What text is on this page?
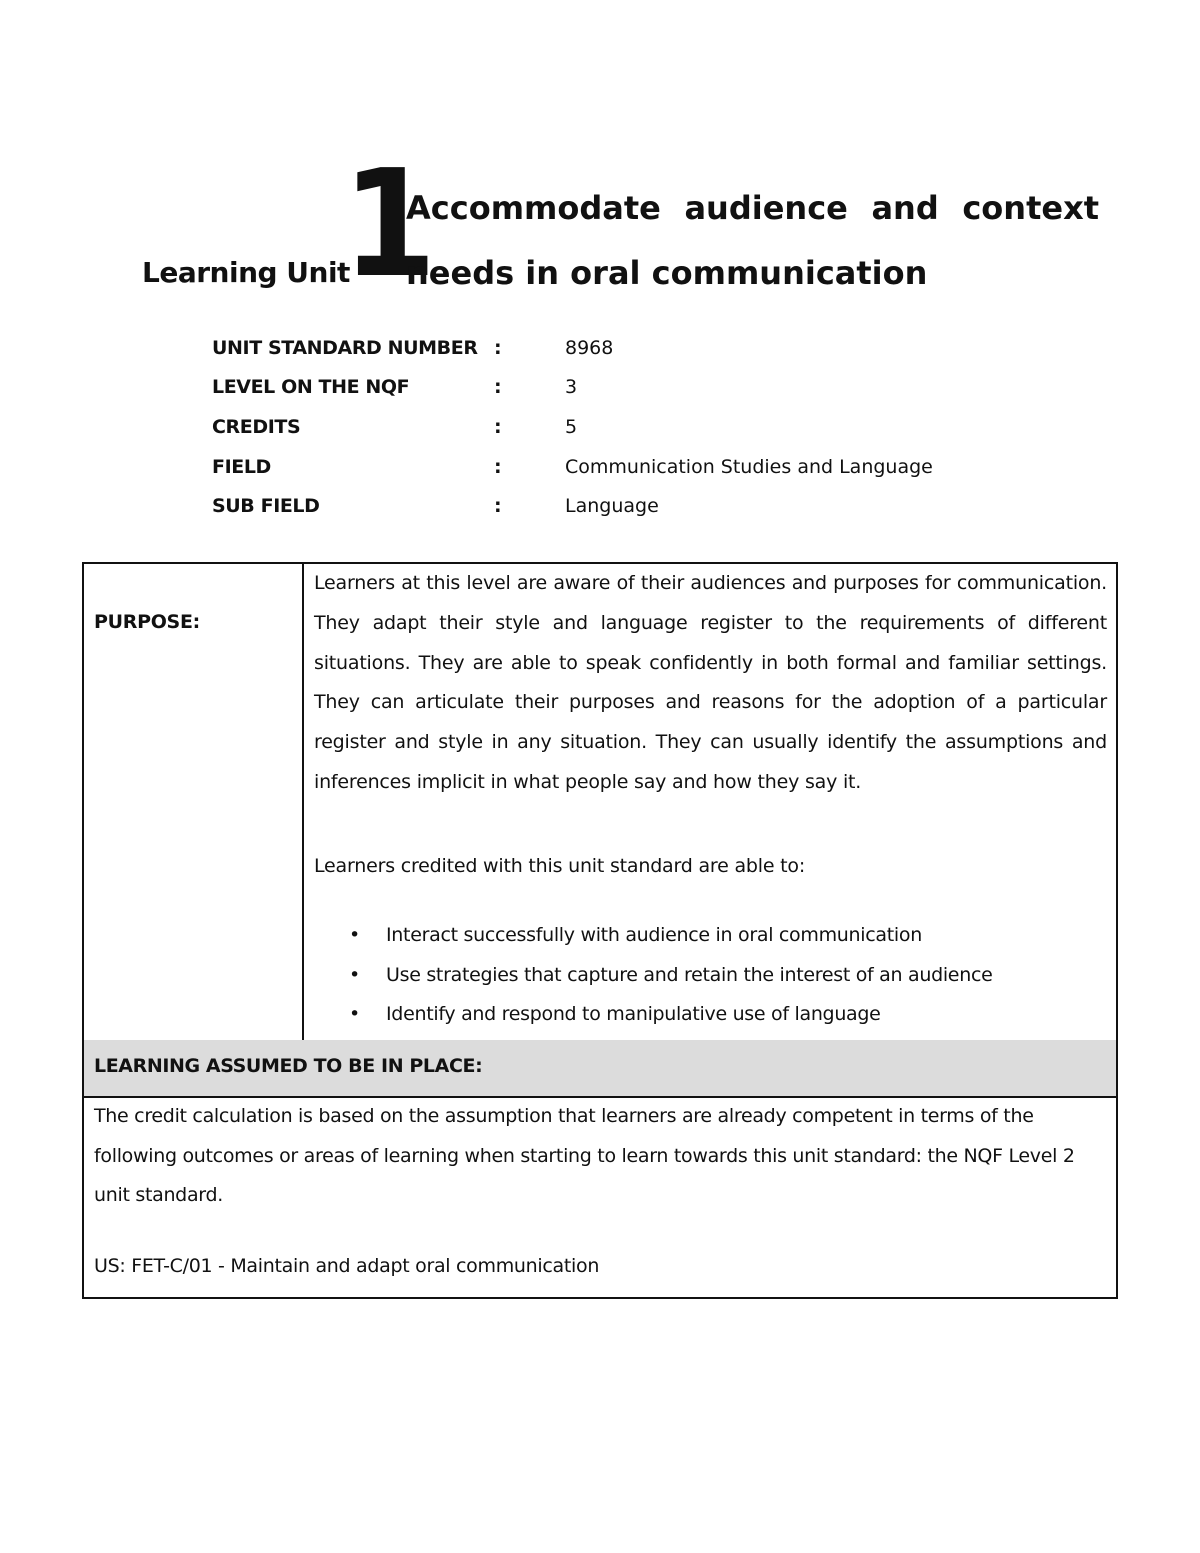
Learning Unit
1
Accommodate audience and context needs in oral communication
UNIT STANDARD NUMBER :	8968
LEVEL ON THE NQF	:	3
CREDITS	:	5
FIELD	:	Communication Studies and Language
SUB FIELD	:	Language
PURPOSE:
Learners at this level are aware of their audiences and purposes for communication. They adapt their style and language register to the requirements of different situations. They are able to speak confidently in both formal and familiar settings. They can articulate their purposes and reasons for the adoption of a particular register and style in any situation. They can usually identify the assumptions and inferences implicit in what people say and how they say it.
Learners credited with this unit standard are able to:
• Interact successfully with audience in oral communication
• Use strategies that capture and retain the interest of an audience
• Identify and respond to manipulative use of language
LEARNING ASSUMED TO BE IN PLACE:
The credit calculation is based on the assumption that learners are already competent in terms of the following outcomes or areas of learning when starting to learn towards this unit standard: the NQF Level 2 unit standard.
US: FET-C/01 - Maintain and adapt oral communication
